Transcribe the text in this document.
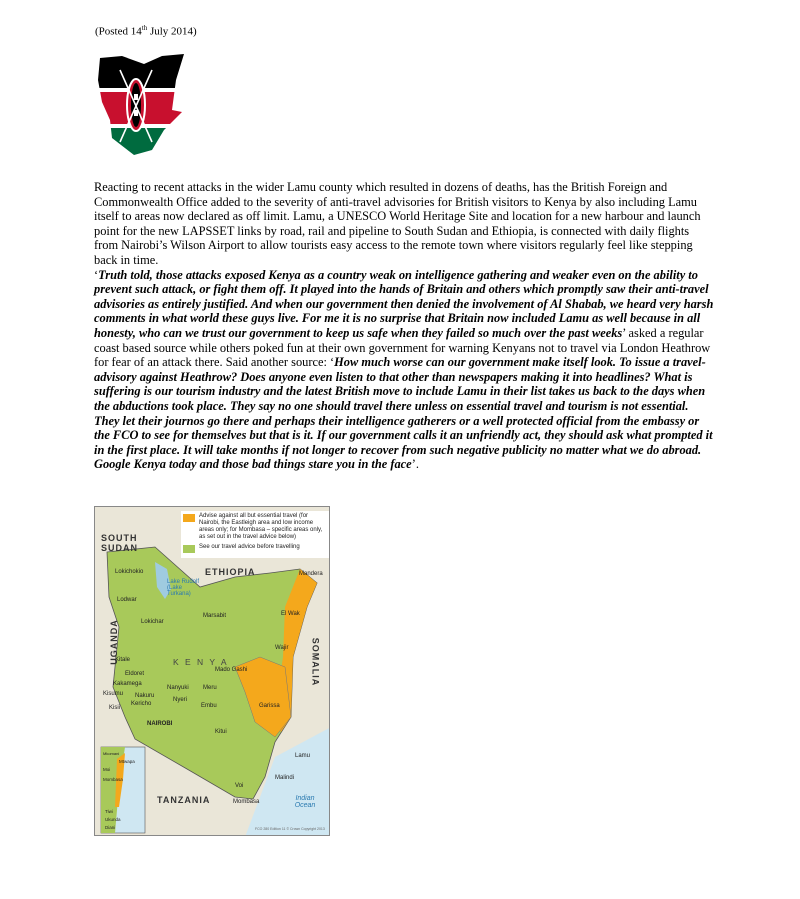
(Posted 14th July 2014)

Reacting to recent attacks in the wider Lamu county which resulted in dozens of deaths, has the British Foreign and Commonwealth Office added to the severity of anti-travel advisories for British visitors to Kenya by also including Lamu itself to areas now declared as off limit. Lamu, a UNESCO World Heritage Site and location for a new harbour and launch point for the new LAPSSET links by road, rail and pipeline to South Sudan and Ethiopia, is connected with daily flights from Nairobi’s Wilson Airport to allow tourists easy access to the remote town where visitors regularly feel like stepping back in time.

‘Truth told, those attacks exposed Kenya as a country weak on intelligence gathering and weaker even on the ability to prevent such attack, or fight them off. It played into the hands of Britain and others which promptly saw their anti-travel advisories as entirely justified. And when our government then denied the involvement of Al Shabab, we heard very harsh comments in what world these guys live. For me it is no surprise that Britain now included Lamu as well because in all honesty, who can we trust our government to keep us safe when they failed so much over the past weeks’ asked a regular coast based source while others poked fun at their own government for warning Kenyans not to travel via London Heathrow for fear of an attack there. Said another source: ‘How much worse can our government make itself look. To issue a travel-advisory against Heathrow? Does anyone even listen to that other than newspapers making it into headlines? What is suffering is our tourism industry and the latest British move to include Lamu in their list takes us back to the days when the abductions took place. They say no one should travel there unless on essential travel and tourism is not essential. They let their journos go there and perhaps their intelligence gatherers or a well protected official from the embassy or the FCO to see for themselves but that is it. If our government calls it an unfriendly act, they should ask what prompted it in the first place. It will take months if not longer to recover from such negative publicity no matter what we do abroad. Google Kenya today and those bad things stare you in the face’.

Advise against all but essential travel (for Nairobi, the Eastleigh area and low income areas only; for Mombasa – specific areas only, as set out in the travel advice below)
See our travel advice before travelling
SOUTH SUDAN
ETHIOPIA
UGANDA	SOMALIA
TANZANIA
K E N Y A
Indian Ocean
Lake Rudolf (Lake Turkana)
NAIROBI
Lokichokio
Lodwar
Lokichar
Marsabit
Mandera
El Wak
Wajir
Mado Gashi
Kitale
Eldoret
Kakamega
Kisumu Nakuru
Kericho
Kisii
Nanyuki Meru
Nyeri
Embu	Garissa
Kitui
Lamu
Malindi
Voi
Mombasa
Mkomani
Mtwapa
Moi
Mombasa
Tiwi
Ukunda
Diani	FCO 280 Edition 11 © Crown Copyright 2013
